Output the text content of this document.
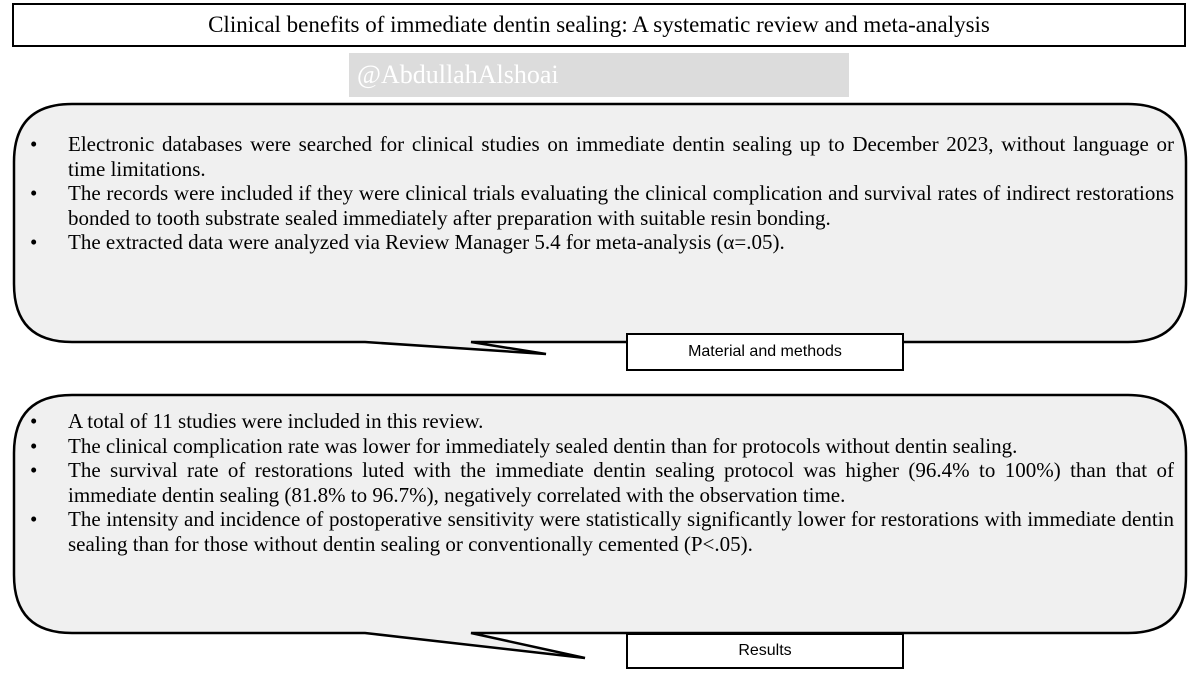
Clinical benefits of immediate dentin sealing: A systematic review and meta-analysis
@AbdullahAlshoai
• Electronic databases were searched for clinical studies on immediate dentin sealing up to December 2023, without language or time limitations.
• The records were included if they were clinical trials evaluating the clinical complication and survival rates of indirect restorations bonded to tooth substrate sealed immediately after preparation with suitable resin bonding.
• The extracted data were analyzed via Review Manager 5.4 for meta-analysis (α=.05).
Material and methods
• A total of 11 studies were included in this review.
• The clinical complication rate was lower for immediately sealed dentin than for protocols without dentin sealing.
• The survival rate of restorations luted with the immediate dentin sealing protocol was higher (96.4% to 100%) than that of immediate dentin sealing (81.8% to 96.7%), negatively correlated with the observation time.
• The intensity and incidence of postoperative sensitivity were statistically significantly lower for restorations with immediate dentin sealing than for those without dentin sealing or conventionally cemented (P<.05).
Results
